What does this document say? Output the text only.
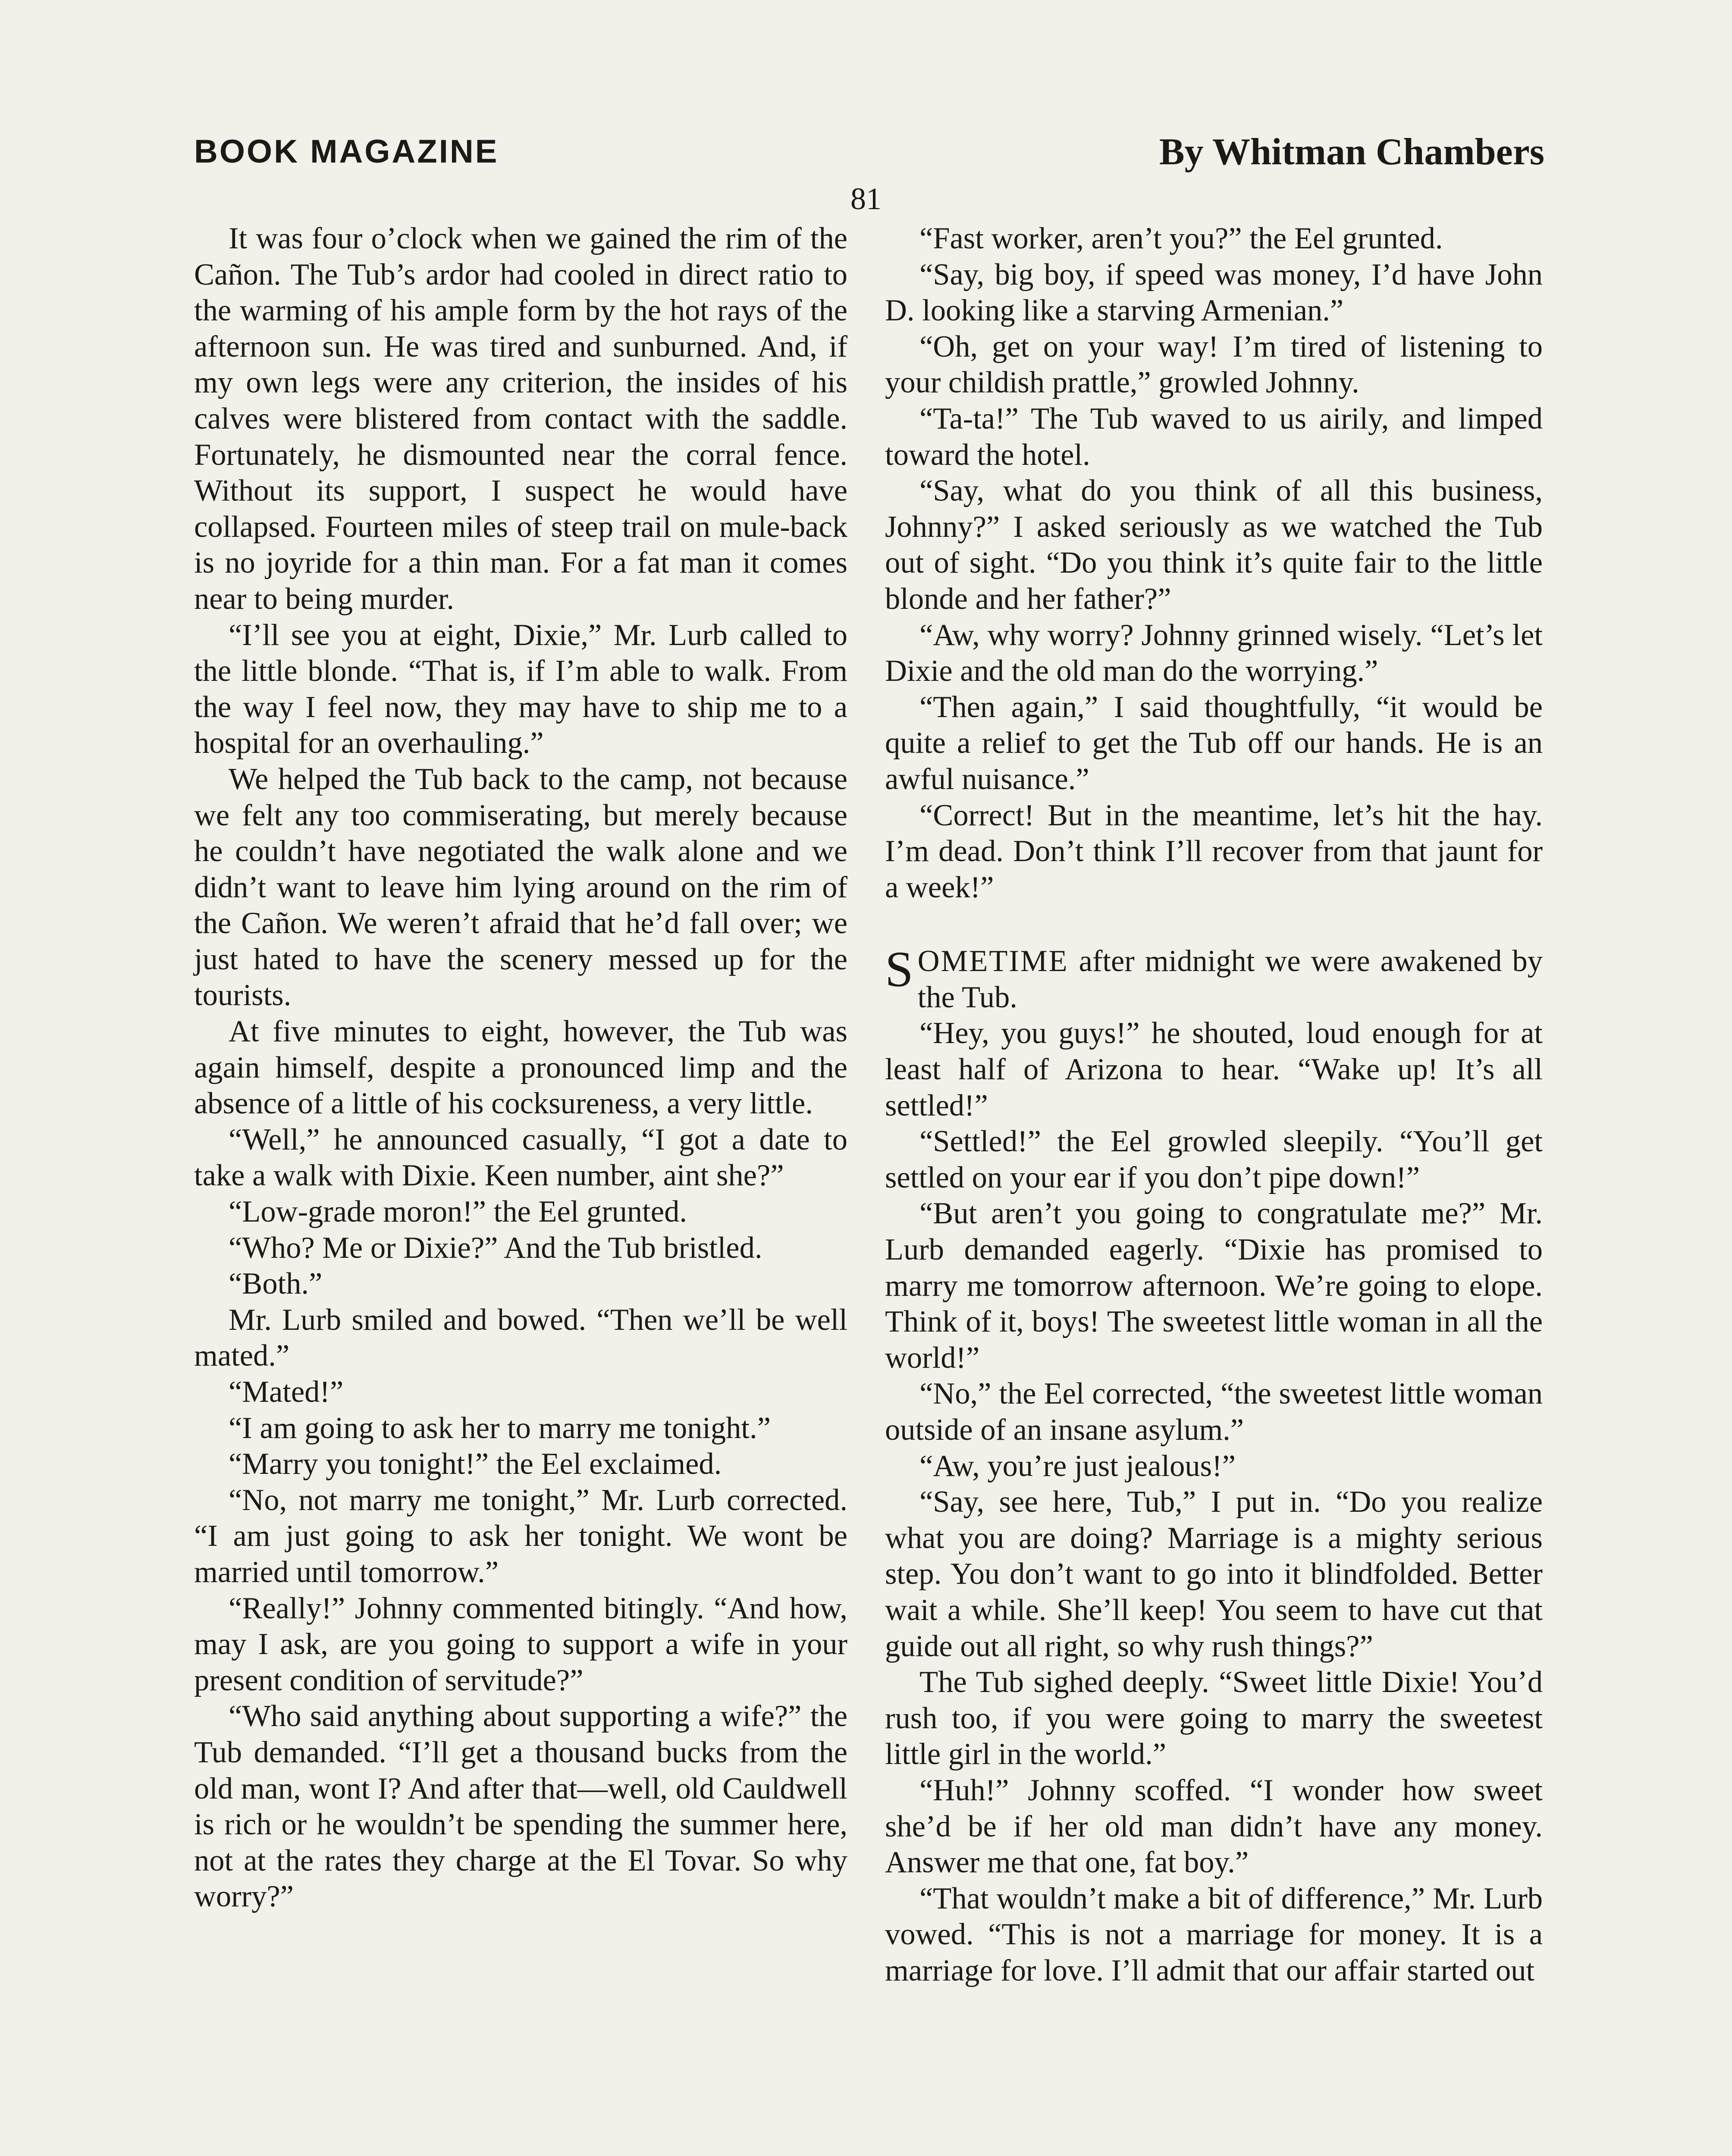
BOOK MAGAZINE	By Whitman Chambers
81

It was four o’clock when we gained the rim of the Cañon. The Tub’s ardor had cooled in direct ratio to the warming of his ample form by the hot rays of the afternoon sun. He was tired and sunburned. And, if my own legs were any criterion, the insides of his calves were blistered from contact with the saddle. Fortunately, he dismounted near the corral fence. Without its support, I suspect he would have collapsed. Fourteen miles of steep trail on mule-back is no joyride for a thin man. For a fat man it comes near to being murder.

“I’ll see you at eight, Dixie,” Mr. Lurb called to the little blonde. “That is, if I’m able to walk. From the way I feel now, they may have to ship me to a hospital for an overhauling.”

We helped the Tub back to the camp, not because we felt any too commiserating, but merely because he couldn’t have negotiated the walk alone and we didn’t want to leave him lying around on the rim of the Cañon. We weren’t afraid that he’d fall over; we just hated to have the scenery messed up for the tourists.

At five minutes to eight, however, the Tub was again himself, despite a pronounced limp and the absence of a little of his cocksureness, a very little.

“Well,” he announced casually, “I got a date to take a walk with Dixie. Keen number, aint she?”

“Low-grade moron!” the Eel grunted.

“Who? Me or Dixie?” And the Tub bristled.

“Both.”

Mr. Lurb smiled and bowed. “Then we’ll be well mated.”

“Mated!”

“I am going to ask her to marry me tonight.”

“Marry you tonight!” the Eel exclaimed.

“No, not marry me tonight,” Mr. Lurb corrected. “I am just going to ask her tonight. We wont be married until tomorrow.”

“Really!” Johnny commented bitingly. “And how, may I ask, are you going to support a wife in your present condition of servitude?”

“Who said anything about supporting a wife?” the Tub demanded. “I’ll get a thousand bucks from the old man, wont I? And after that—well, old Cauldwell is rich or he wouldn’t be spending the summer here, not at the rates they charge at the El Tovar. So why worry?”

“Fast worker, aren’t you?” the Eel grunted.

“Say, big boy, if speed was money, I’d have John D. looking like a starving Armenian.”

“Oh, get on your way! I’m tired of listening to your childish prattle,” growled Johnny.

“Ta-ta!” The Tub waved to us airily, and limped toward the hotel.

“Say, what do you think of all this business, Johnny?” I asked seriously as we watched the Tub out of sight. “Do you think it’s quite fair to the little blonde and her father?”

“Aw, why worry? Johnny grinned wisely. “Let’s let Dixie and the old man do the worrying.”

“Then again,” I said thoughtfully, “it would be quite a relief to get the Tub off our hands. He is an awful nuisance.”

“Correct! But in the meantime, let’s hit the hay. I’m dead. Don’t think I’ll recover from that jaunt for a week!”

SOMETIME after midnight we were awakened by the Tub.

“Hey, you guys!” he shouted, loud enough for at least half of Arizona to hear. “Wake up! It’s all settled!”

“Settled!” the Eel growled sleepily. “You’ll get settled on your ear if you don’t pipe down!”

“But aren’t you going to congratulate me?” Mr. Lurb demanded eagerly. “Dixie has promised to marry me tomorrow afternoon. We’re going to elope. Think of it, boys! The sweetest little woman in all the world!”

“No,” the Eel corrected, “the sweetest little woman outside of an insane asylum.”

“Aw, you’re just jealous!”

“Say, see here, Tub,” I put in. “Do you realize what you are doing? Marriage is a mighty serious step. You don’t want to go into it blindfolded. Better wait a while. She’ll keep! You seem to have cut that guide out all right, so why rush things?”

The Tub sighed deeply. “Sweet little Dixie! You’d rush too, if you were going to marry the sweetest little girl in the world.”

“Huh!” Johnny scoffed. “I wonder how sweet she’d be if her old man didn’t have any money. Answer me that one, fat boy.”

“That wouldn’t make a bit of difference,” Mr. Lurb vowed. “This is not a marriage for money. It is a marriage for love. I’ll admit that our affair started out
